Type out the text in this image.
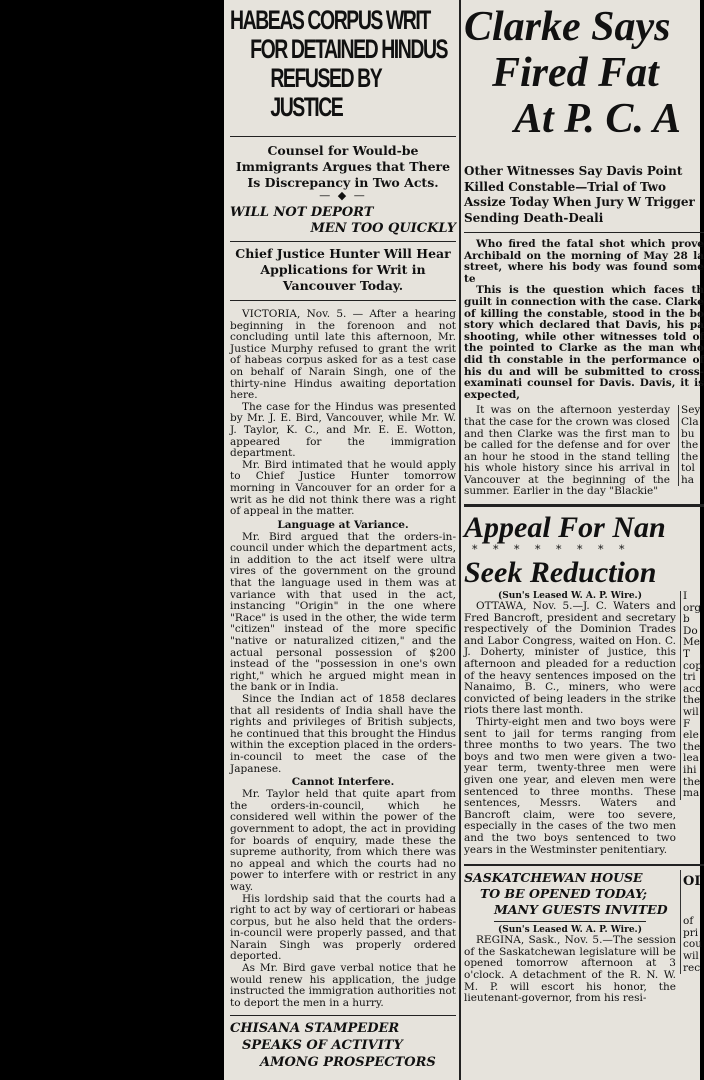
HABEAS CORPUS WRIT
FOR DETAINED HINDUS
REFUSED BY JUSTICE
Counsel for Would-be Immigrants Argues that There Is Discrepancy in Two Acts.
— ◆ —
WILL NOT DEPORT
MEN TOO QUICKLY
Chief Justice Hunter Will Hear Applications for Writ in Vancouver Today.

VICTORIA, Nov. 5. — After a hearing beginning in the forenoon and not concluding until late this afternoon, Mr. Justice Murphy refused to grant the writ of habeas corpus asked for as a test case on behalf of Narain Singh, one of the thirty-nine Hindus awaiting deportation here.

The case for the Hindus was presented by Mr. J. E. Bird, Vancouver, while Mr. W. J. Taylor, K. C., and Mr. E. E. Wotton, appeared for the immigration department.

Mr. Bird intimated that he would apply to Chief Justice Hunter tomorrow morning in Vancouver for an order for a writ as he did not think there was a right of appeal in the matter.

Language at Variance.

Mr. Bird argued that the orders-in-council under which the department acts, in addition to the act itself were ultra vires of the government on the ground that the language used in them was at variance with that used in the act, instancing "Origin" in the one where "Race" is used in the other, the wide term "citizen" instead of the more specific "native or naturalized citizen," and the actual personal possession of $200 instead of the "possession in one's own right," which he argued might mean in the bank or in India.

Since the Indian act of 1858 declares that all residents of India shall have the rights and privileges of British subjects, he continued that this brought the Hindus within the exception placed in the orders-in-council to meet the case of the Japanese.

Cannot Interfere.

Mr. Taylor held that quite apart from the orders-in-council, which he considered well within the power of the government to adopt, the act in providing for boards of enquiry, made these the supreme authority, from which there was no appeal and which the courts had no power to interfere with or restrict in any way.

His lordship said that the courts had a right to act by way of certiorari or habeas corpus, but he also held that the orders-in-council were properly passed, and that Narain Singh was properly ordered deported.

As Mr. Bird gave verbal notice that he would renew his application, the judge instructed the immigration authorities not to deport the men in a hurry.

CHISANA STAMPEDER
SPEAKS OF ACTIVITY
AMONG PROSPECTORS
Clarke Says
Fired Fat
At P. C. A
Other Witnesses Say Davis Point Killed Constable—Trial of Two Assize Today When Jury W Trigger Sending Death-Deali

Who fired the fatal shot which prove Archibald on the morning of May 28 la street, where his body was found some te

This is the question which faces th guilt in connection with the case. Clarke of killing the constable, stood in the bo story which declared that Davis, his pa shooting, while other witnesses told of the pointed to Clarke as the man who did th constable in the performance of his du and will be submitted to cross-examinati counsel for Davis. Davis, it is expected,

It was on the afternoon yesterday that the case for the crown was closed and then Clarke was the first man to be called for the defense and for over an hour he stood in the stand telling his whole history since his arrival in Vancouver at the beginning of the summer. Earlier in the day "Blackie"

Sey
Cla
bu
the
the
tol
ha
Appeal For Nan
* * * * * * * *
Seek Reduction
(Sun's Leased W. A. P. Wire.)

OTTAWA, Nov. 5.—J. C. Waters and Fred Bancroft, president and secretary respectively of the Dominion Trades and Labor Congress, waited on Hon. C. J. Doherty, minister of justice, this afternoon and pleaded for a reduction of the heavy sentences imposed on the Nanaimo, B. C., miners, who were convicted of being leaders in the strike riots there last month.

Thirty-eight men and two boys were sent to jail for terms ranging from three months to two years. The two boys and two men were given a two-year term, twenty-three men were given one year, and eleven men were sentenced to three months. These sentences, Messrs. Waters and Bancroft claim, were too severe, especially in the cases of the two men and the two boys sentenced to two years in the Westminster penitentiary.

I
org
b
Do
Me
T
cop
tri
acc
the
wil
F
ele
the
lea
ihi
the
ma
SASKATCHEWAN HOUSE
TO BE OPENED TODAY;
MANY GUESTS INVITED
(Sun's Leased W. A. P. Wire.)

REGINA, Sask., Nov. 5.—The session of the Saskatchewan legislature will be opened tomorrow afternoon at 3 o'clock. A detachment of the R. N. W. M. P. will escort his honor, the lieutenant-governor, from his resi-

OI
of
pri
cou
wil
rec
